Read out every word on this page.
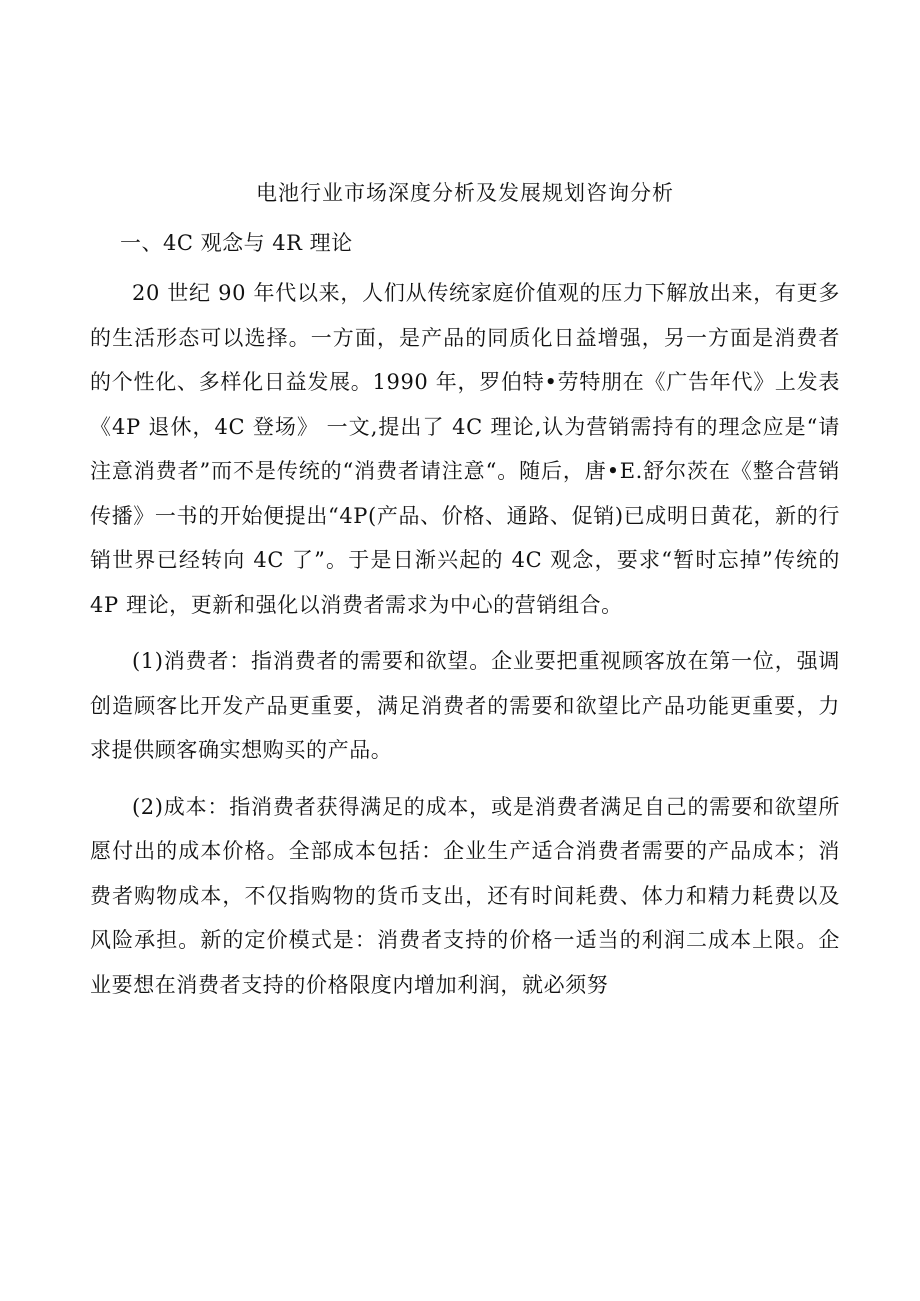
电池行业市场深度分析及发展规划咨询分析
一、4C 观念与 4R 理论

20 世纪 90 年代以来，人们从传统家庭价值观的压力下解放出来，有更多的生活形态可以选择。一方面，是产品的同质化日益增强，另一方面是消费者的个性化、多样化日益发展。1990 年，罗伯特•劳特朋在《广告年代》上发表《4P 退休，4C 登场》 一文,提出了 4C 理论,认为营销需持有的理念应是“请注意消费者”而不是传统的“消费者请注意“。随后，唐•E.舒尔茨在《整合营销传播》一书的开始便提出“4P(产品、价格、通路、促销)已成明日黄花，新的行销世界已经转向 4C 了”。于是日渐兴起的 4C 观念，要求“暂时忘掉”传统的 4P 理论，更新和强化以消费者需求为中心的营销组合。

(1)消费者：指消费者的需要和欲望。企业要把重视顾客放在第一位，强调创造顾客比开发产品更重要，满足消费者的需要和欲望比产品功能更重要，力求提供顾客确实想购买的产品。

(2)成本：指消费者获得满足的成本，或是消费者满足自己的需要和欲望所愿付出的成本价格。全部成本包括：企业生产适合消费者需要的产品成本；消费者购物成本，不仅指购物的货币支出，还有时间耗费、体力和精力耗费以及风险承担。新的定价模式是：消费者支持的价格一适当的利润二成本上限。企业要想在消费者支持的价格限度内增加利润，就必须努
